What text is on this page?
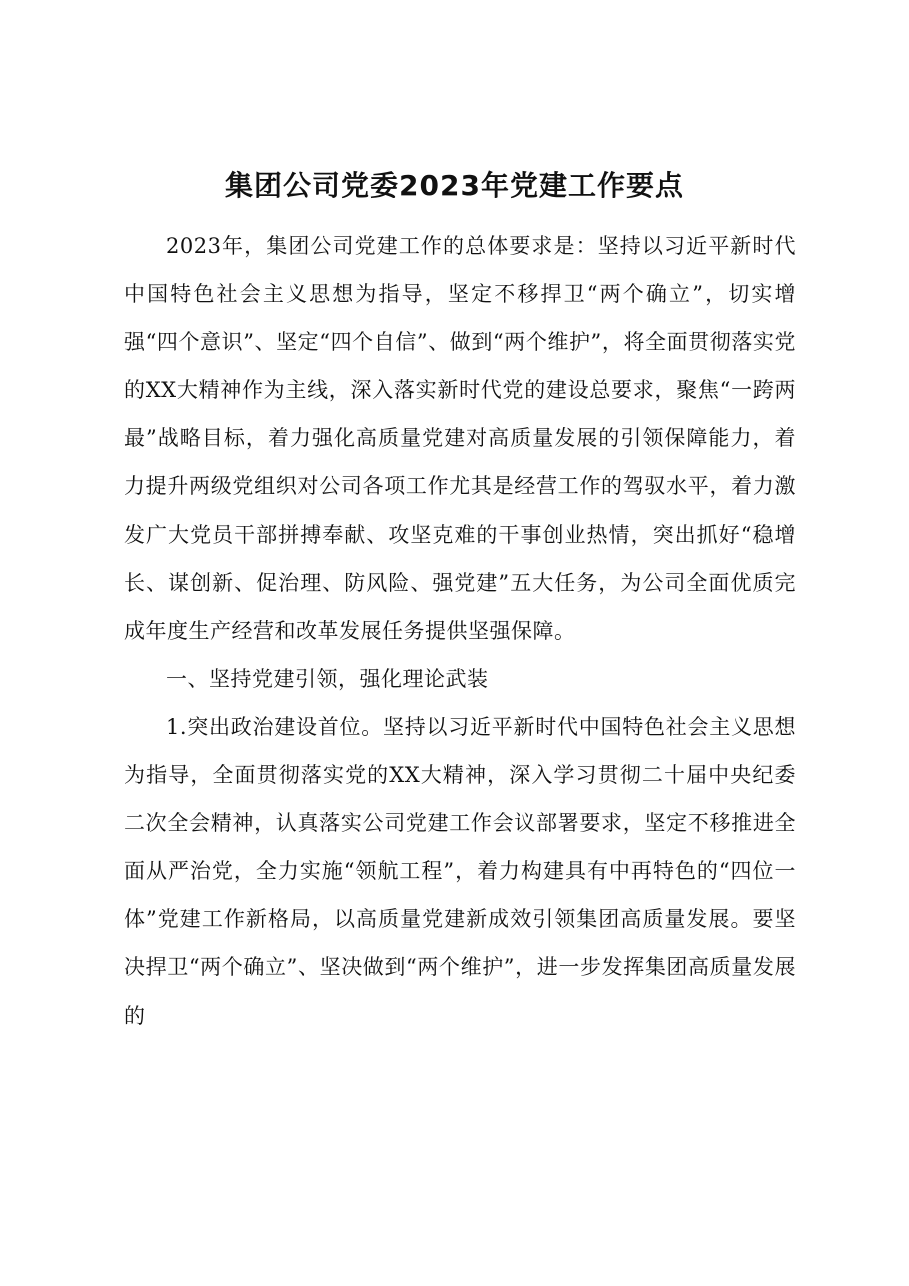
集团公司党委2023年党建工作要点

2023年，集团公司党建工作的总体要求是：坚持以习近平新时代中国特色社会主义思想为指导，坚定不移捍卫“两个确立”，切实增强“四个意识”、坚定“四个自信”、做到“两个维护”，将全面贯彻落实党的XX大精神作为主线，深入落实新时代党的建设总要求，聚焦“一跨两最”战略目标，着力强化高质量党建对高质量发展的引领保障能力，着力提升两级党组织对公司各项工作尤其是经营工作的驾驭水平，着力激发广大党员干部拼搏奉献、攻坚克难的干事创业热情，突出抓好“稳增长、谋创新、促治理、防风险、强党建”五大任务，为公司全面优质完成年度生产经营和改革发展任务提供坚强保障。

一、坚持党建引领，强化理论武装

1.突出政治建设首位。坚持以习近平新时代中国特色社会主义思想为指导，全面贯彻落实党的XX大精神，深入学习贯彻二十届中央纪委二次全会精神，认真落实公司党建工作会议部署要求，坚定不移推进全面从严治党，全力实施“领航工程”，着力构建具有中再特色的“四位一体”党建工作新格局，以高质量党建新成效引领集团高质量发展。要坚决捍卫“两个确立”、坚决做到“两个维护”，进一步发挥集团高质量发展的
